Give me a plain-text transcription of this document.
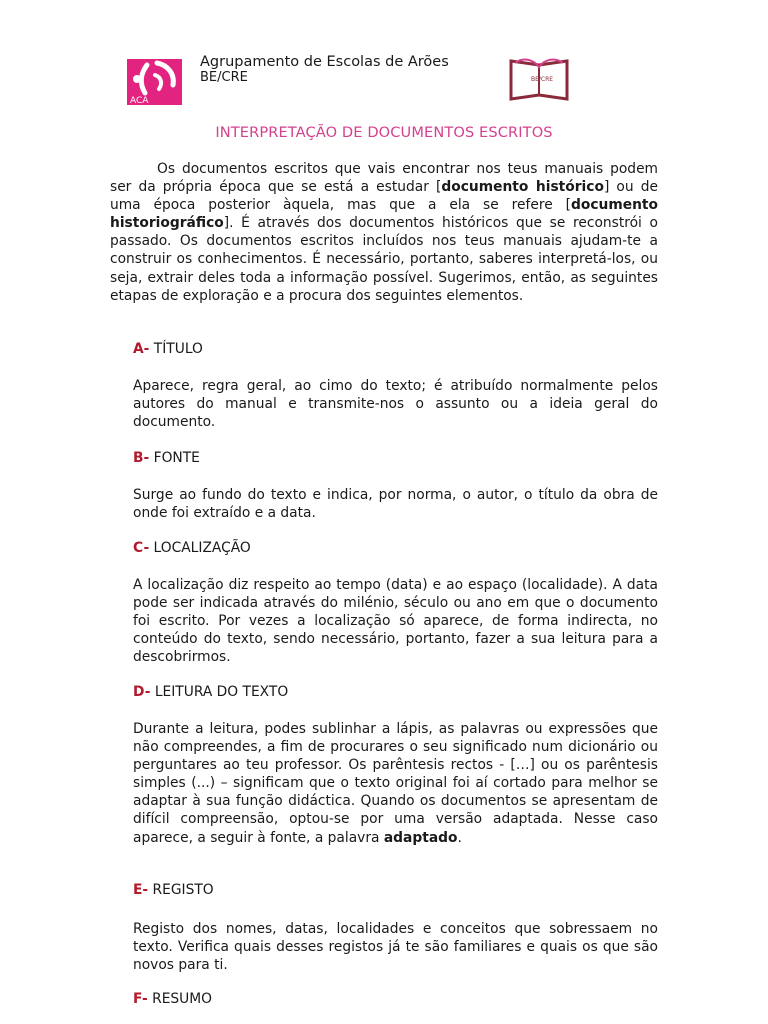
ACA
Agrupamento de Escolas de Arões
BE/CRE	BE/CRE
INTERPRETAÇÃO DE DOCUMENTOS ESCRITOS
Os documentos escritos que vais encontrar nos teus manuais podem ser da própria época que se está a estudar [documento histórico] ou de uma época posterior àquela, mas que a ela se refere [documento historiográfico]. É através dos documentos históricos que se reconstrói o passado. Os documentos escritos incluídos nos teus manuais ajudam-te a construir os conhecimentos. É necessário, portanto, saberes interpretá-los, ou seja, extrair deles toda a informação possível. Sugerimos, então, as seguintes etapas de exploração e a procura dos seguintes elementos.
A- TÍTULO
Aparece, regra geral, ao cimo do texto; é atribuído normalmente pelos autores do manual e transmite-nos o assunto ou a ideia geral do documento.
B- FONTE
Surge ao fundo do texto e indica, por norma, o autor, o título da obra de onde foi extraído e a data.
C- LOCALIZAÇÃO
A localização diz respeito ao tempo (data) e ao espaço (localidade). A data pode ser indicada através do milénio, século ou ano em que o documento foi escrito. Por vezes a localização só aparece, de forma indirecta, no conteúdo do texto, sendo necessário, portanto, fazer a sua leitura para a descobrirmos.
D- LEITURA DO TEXTO
Durante a leitura, podes sublinhar a lápis, as palavras ou expressões que não compreendes, a fim de procurares o seu significado num dicionário ou perguntares ao teu professor. Os parêntesis rectos - […] ou os parêntesis simples (...) – significam que o texto original foi aí cortado para melhor se adaptar à sua função didáctica. Quando os documentos se apresentam de difícil compreensão, optou-se por uma versão adaptada. Nesse caso aparece, a seguir à fonte, a palavra adaptado.
E- REGISTO
Registo dos nomes, datas, localidades e conceitos que sobressaem no texto. Verifica quais desses registos já te são familiares e quais os que são novos para ti.
F- RESUMO
